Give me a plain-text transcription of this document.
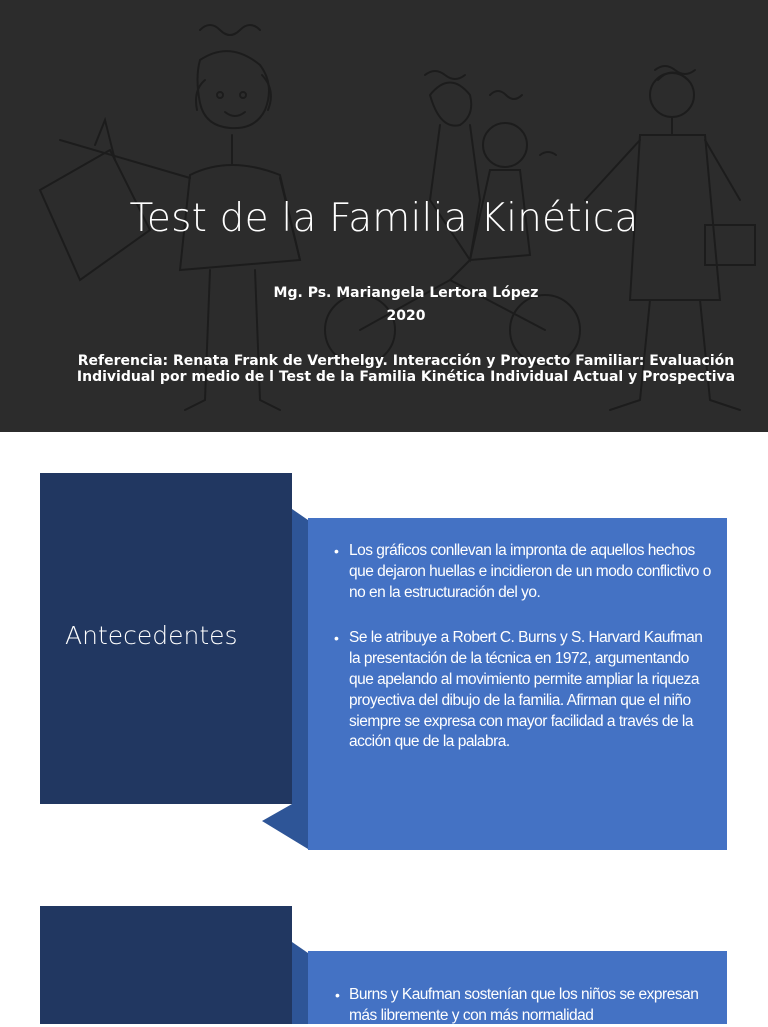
Test de la Familia Kinética
Mg. Ps. Mariangela Lertora López
2020
Referencia: Renata Frank de Verthelgy. Interacción y Proyecto Familiar: Evaluación
Individual por medio de l Test de la Familia Kinética Individual Actual y Prospectiva
Antecedentes
• Los gráficos conllevan la impronta de aquellos hechos que dejaron huellas e incidieron de un modo conflictivo o no en la estructuración del yo.
• Se le atribuye a Robert C. Burns y S. Harvard Kaufman la presentación de la técnica en 1972, argumentando que apelando al movimiento permite ampliar la riqueza proyectiva del dibujo de la familia. Afirman que el niño siempre se expresa con mayor facilidad a través de la acción que de la palabra.
• Burns y Kaufman sostenían que los niños se expresan más libremente y con más normalidad
